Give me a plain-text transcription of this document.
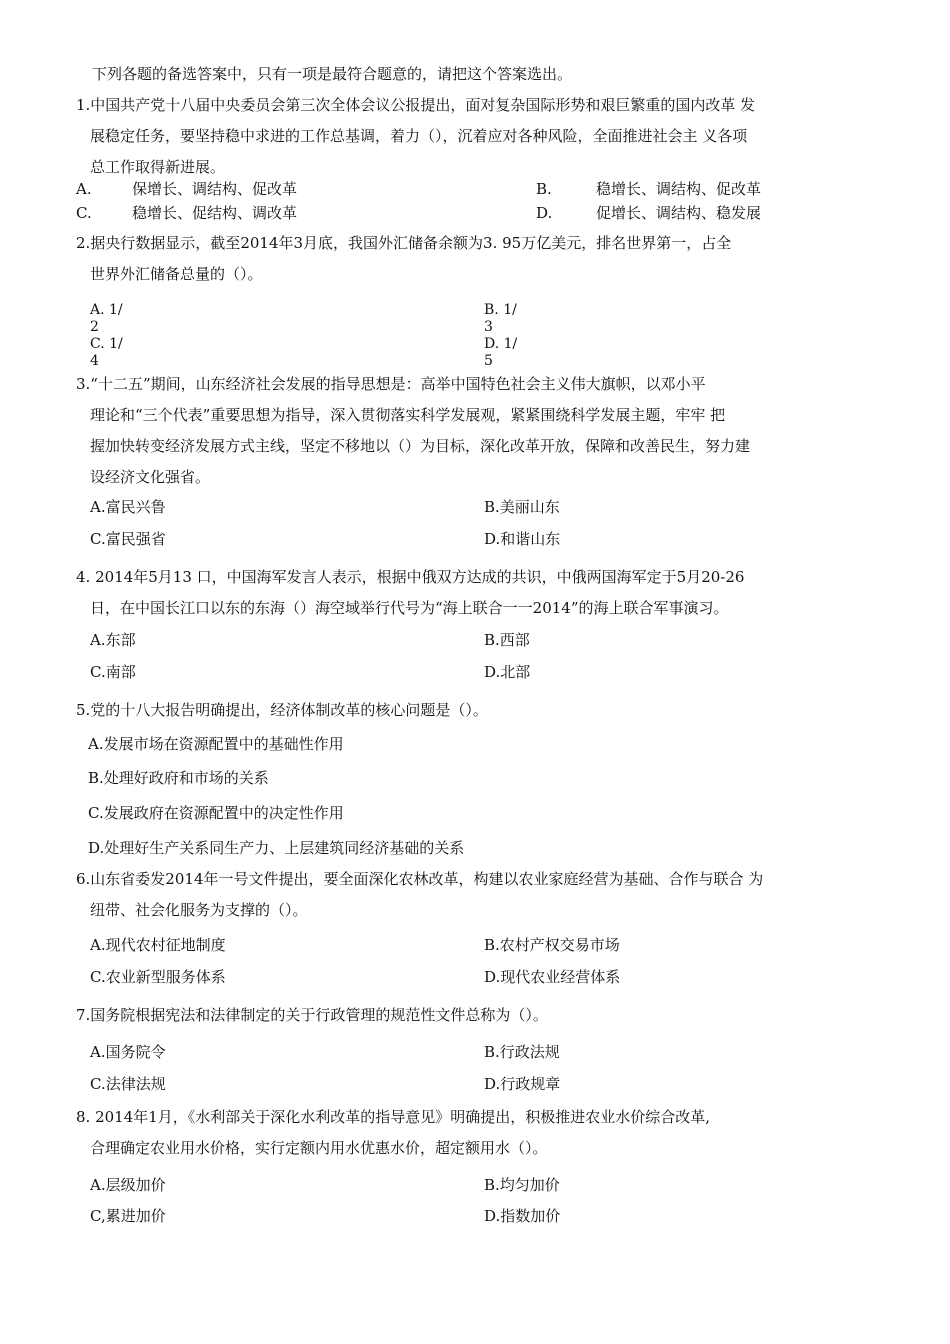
下列各题的备选答案中，只有一项是最符合题意的，请把这个答案选出。
1.中国共产党十八届中央委员会第三次全体会议公报提出，面对复杂国际形势和艰巨繁重的国内改革 发
展稳定任务，要坚持稳中求进的工作总基调，着力（），沉着应对各种风险，全面推进社会主 义各项
总工作取得新进展。
A.	保增长、调结构、促改革	B.	稳增长、调结构、促改革
C.	稳增长、促结构、调改革	D.	促增长、调结构、稳发展
2.据央行数据显示，截至2014年3月底，我国外汇储备余额为3. 95万亿美元，排名世界第一，占全
世界外汇储备总量的（）。
A. 1/
2
B. 1/
3
C. 1/
4
D. 1/
5
3.“十二五”期间，山东经济社会发展的指导思想是：高举中国特色社会主义伟大旗帜，以邓小平
理论和“三个代表”重要思想为指导，深入贯彻落实科学发展观，紧紧围绕科学发展主题，牢牢 把
握加快转变经济发展方式主线，坚定不移地以（）为目标，深化改革开放，保障和改善民生，努力建
设经济文化强省。
A.富民兴鲁	B.美丽山东
C.富民强省	D.和谐山东
4. 2014年5月13 口，中国海军发言人表示，根据中俄双方达成的共识，中俄两国海军定于5月20-26
日，在中国长江口以东的东海（）海空域举行代号为“海上联合一一2014”的海上联合军事演习。
A.东部	B.西部
C.南部	D.北部
5.党的十八大报告明确提出，经济体制改革的核心问题是（）。
A.发展市场在资源配置中的基础性作用
B.处理好政府和市场的关系
C.发展政府在资源配置中的决定性作用
D.处理好生产关系同生产力、上层建筑同经济基础的关系
6.山东省委发2014年一号文件提出，要全面深化农林改革，构建以农业家庭经营为基础、合作与联合 为
纽带、社会化服务为支撑的（）。
A.现代农村征地制度	B.农村产权交易市场
C.农业新型服务体系	D.现代农业经营体系
7.国务院根据宪法和法律制定的关于行政管理的规范性文件总称为（）。
A.国务院令	B.行政法规
C.法律法规	D.行政规章
8. 2014年1月，《水利部关于深化水利改革的指导意见》明确提出，积极推进农业水价综合改革,
合理确定农业用水价格，实行定额内用水优惠水价，超定额用水（）。
A.层级加价	B.均匀加价
C,累进加价	D.指数加价
